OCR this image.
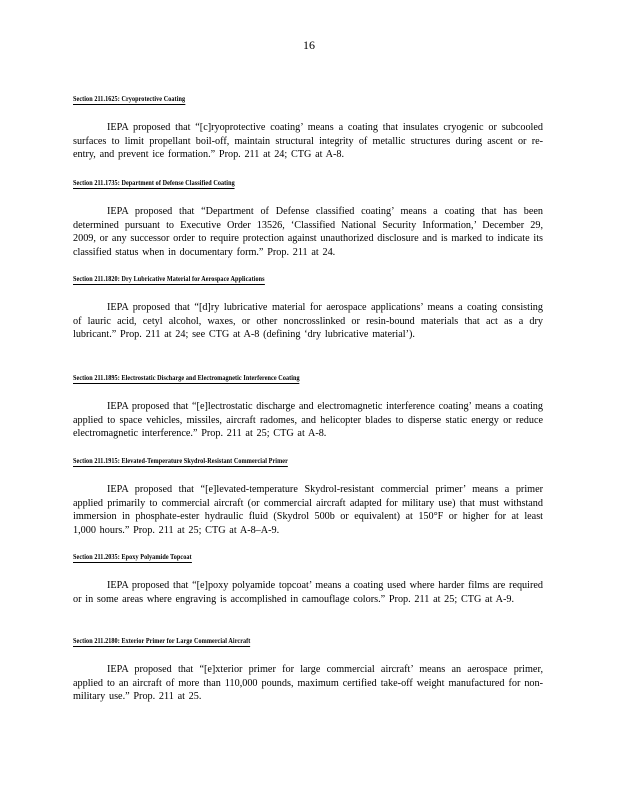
16
Section 211.1625: Cryoprotective Coating

IEPA proposed that “[c]ryoprotective coating’ means a coating that insulates cryogenic or subcooled surfaces to limit propellant boil-off, maintain structural integrity of metallic structures during ascent or re-entry, and prevent ice formation.” Prop. 211 at 24; CTG at A-8.

Section 211.1735: Department of Defense Classified Coating

IEPA proposed that “Department of Defense classified coating’ means a coating that has been determined pursuant to Executive Order 13526, ‘Classified National Security Information,’ December 29, 2009, or any successor order to require protection against unauthorized disclosure and is marked to indicate its classified status when in documentary form.” Prop. 211 at 24.

Section 211.1820: Dry Lubricative Material for Aerospace Applications

IEPA proposed that “[d]ry lubricative material for aerospace applications’ means a coating consisting of lauric acid, cetyl alcohol, waxes, or other noncrosslinked or resin-bound materials that act as a dry lubricant.” Prop. 211 at 24; see CTG at A-8 (defining ‘dry lubricative material’).

Section 211.1895: Electrostatic Discharge and Electromagnetic Interference Coating

IEPA proposed that “[e]lectrostatic discharge and electromagnetic interference coating’ means a coating applied to space vehicles, missiles, aircraft radomes, and helicopter blades to disperse static energy or reduce electromagnetic interference.” Prop. 211 at 25; CTG at A-8.

Section 211.1915: Elevated-Temperature Skydrol-Resistant Commercial Primer

IEPA proposed that “[e]levated-temperature Skydrol-resistant commercial primer’ means a primer applied primarily to commercial aircraft (or commercial aircraft adapted for military use) that must withstand immersion in phosphate-ester hydraulic fluid (Skydrol 500b or equivalent) at 150°F or higher for at least 1,000 hours.” Prop. 211 at 25; CTG at A-8–A-9.

Section 211.2035: Epoxy Polyamide Topcoat

IEPA proposed that “[e]poxy polyamide topcoat’ means a coating used where harder films are required or in some areas where engraving is accomplished in camouflage colors.” Prop. 211 at 25; CTG at A-9.

Section 211.2180: Exterior Primer for Large Commercial Aircraft

IEPA proposed that “[e]xterior primer for large commercial aircraft’ means an aerospace primer, applied to an aircraft of more than 110,000 pounds, maximum certified take-off weight manufactured for non-military use.” Prop. 211 at 25.
